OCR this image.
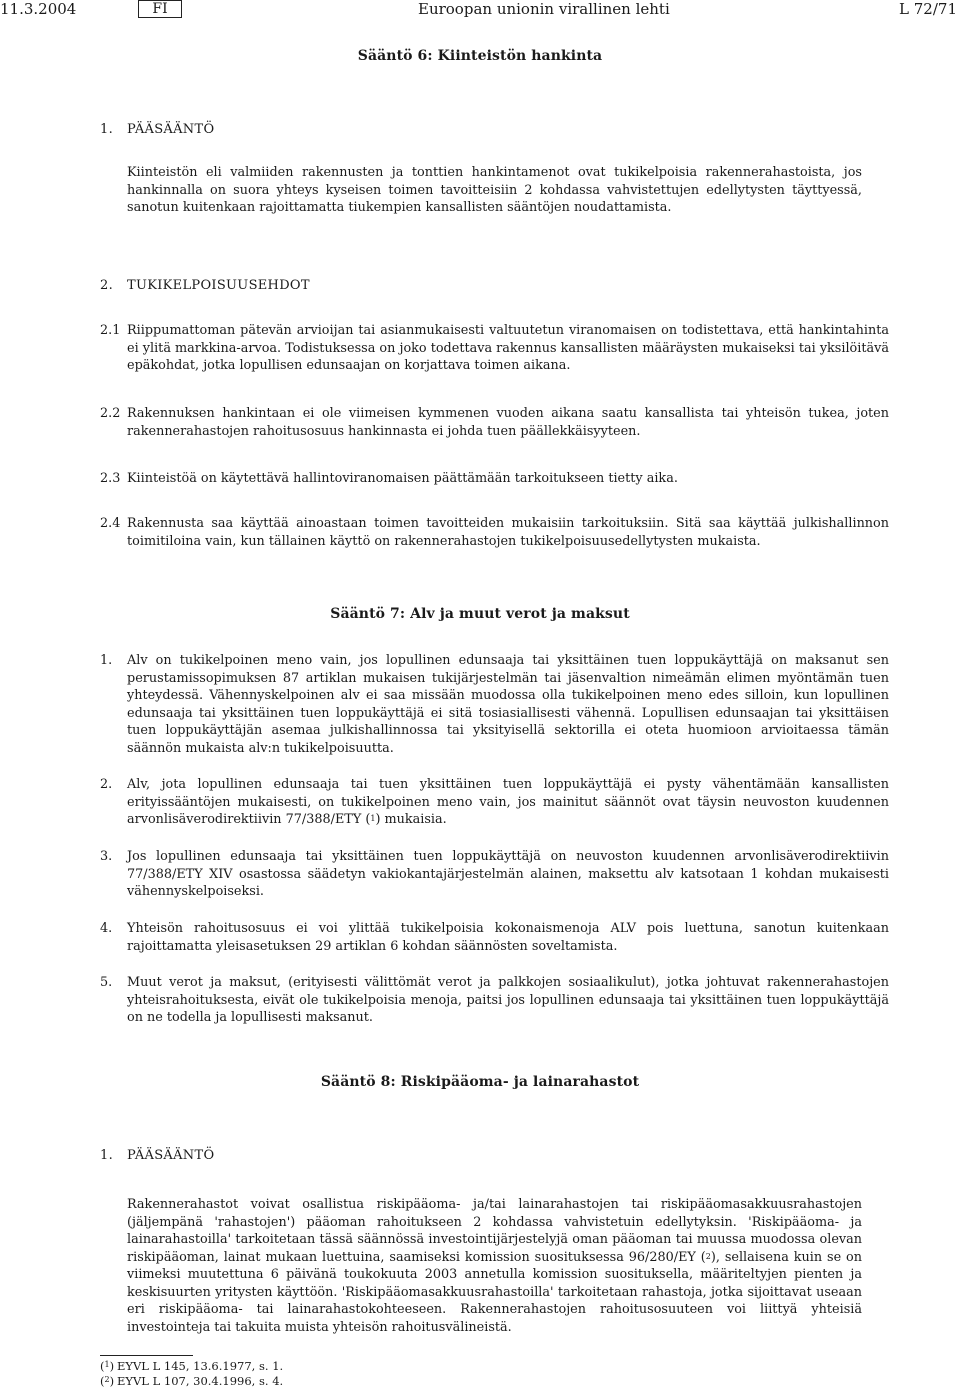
11.3.2004	FI	Euroopan unionin virallinen lehti	L 72/71
Sääntö 6: Kiinteistön hankinta
1. PÄÄSÄÄNTÖ
Kiinteistön eli valmiiden rakennusten ja tonttien hankintamenot ovat tukikelpoisia rakennerahastoista, jos hankinnalla on suora yhteys kyseisen toimen tavoitteisiin 2 kohdassa vahvistettujen edellytysten täyttyessä, sanotun kuitenkaan rajoittamatta tiukempien kansallisten sääntöjen noudattamista.
2. TUKIKELPOISUUSEHDOT
2.1 Riippumattoman pätevän arvioijan tai asianmukaisesti valtuutetun viranomaisen on todistettava, että hankintahinta ei ylitä markkina-arvoa. Todistuksessa on joko todettava rakennus kansallisten määräysten mukaiseksi tai yksilöitävä epäkohdat, jotka lopullisen edunsaajan on korjattava toimen aikana.
2.2 Rakennuksen hankintaan ei ole viimeisen kymmenen vuoden aikana saatu kansallista tai yhteisön tukea, joten rakennerahastojen rahoitusosuus hankinnasta ei johda tuen päällekkäisyyteen.
2.3 Kiinteistöä on käytettävä hallintoviranomaisen päättämään tarkoitukseen tietty aika.
2.4 Rakennusta saa käyttää ainoastaan toimen tavoitteiden mukaisiin tarkoituksiin. Sitä saa käyttää julkishallinnon toimitiloina vain, kun tällainen käyttö on rakennerahastojen tukikelpoisuusedellytysten mukaista.
Sääntö 7: Alv ja muut verot ja maksut
1. Alv on tukikelpoinen meno vain, jos lopullinen edunsaaja tai yksittäinen tuen loppukäyttäjä on maksanut sen perustamissopimuksen 87 artiklan mukaisen tukijärjestelmän tai jäsenvaltion nimeämän elimen myöntämän tuen yhteydessä. Vähennyskelpoinen alv ei saa missään muodossa olla tukikelpoinen meno edes silloin, kun lopullinen edunsaaja tai yksittäinen tuen loppukäyttäjä ei sitä tosiasiallisesti vähennä. Lopullisen edunsaajan tai yksittäisen tuen loppukäyttäjän asemaa julkishallinnossa tai yksityisellä sektorilla ei oteta huomioon arvioitaessa tämän säännön mukaista alv:n tukikelpoisuutta.
2. Alv, jota lopullinen edunsaaja tai tuen yksittäinen tuen loppukäyttäjä ei pysty vähentämään kansallisten erityissääntöjen mukaisesti, on tukikelpoinen meno vain, jos mainitut säännöt ovat täysin neuvoston kuudennen arvonlisäverodirektiivin 77/388/ETY ($^1$) mukaisia.
3. Jos lopullinen edunsaaja tai yksittäinen tuen loppukäyttäjä on neuvoston kuudennen arvonlisäverodirektiivin 77/388/ETY XIV osastossa säädetyn vakiokantajärjestelmän alainen, maksettu alv katsotaan 1 kohdan mukaisesti vähennyskelpoiseksi.
4. Yhteisön rahoitusosuus ei voi ylittää tukikelpoisia kokonaismenoja ALV pois luettuna, sanotun kuitenkaan rajoittamatta yleisasetuksen 29 artiklan 6 kohdan säännösten soveltamista.
5. Muut verot ja maksut, (erityisesti välittömät verot ja palkkojen sosiaalikulut), jotka johtuvat rakennerahastojen yhteisrahoituksesta, eivät ole tukikelpoisia menoja, paitsi jos lopullinen edunsaaja tai yksittäinen tuen loppukäyttäjä on ne todella ja lopullisesti maksanut.
Sääntö 8: Riskipääoma- ja lainarahastot
1. PÄÄSÄÄNTÖ
Rakennerahastot voivat osallistua riskipääoma- ja/tai lainarahastojen tai riskipääomasakkuusrahastojen (jäljempänä 'rahastojen') pääoman rahoitukseen 2 kohdassa vahvistetuin edellytyksin. 'Riskipääoma- ja lainarahastoilla' tarkoitetaan tässä säännössä investointijärjestelyjä oman pääoman tai muussa muodossa olevan riskipääoman, lainat mukaan luettuina, saamiseksi komission suosituksessa 96/280/EY ($^2$), sellaisena kuin se on viimeksi muutettuna 6 päivänä toukokuuta 2003 annetulla komission suosituksella, määriteltyjen pienten ja keskisuurten yritysten käyttöön. 'Riskipääomasakkuusrahastoilla' tarkoitetaan rahastoja, jotka sijoittavat useaan eri riskipääoma- tai lainarahastokohteeseen. Rakennerahastojen rahoitusosuuteen voi liittyä yhteisiä investointeja tai takuita muista yhteisön rahoitusvälineistä.
($^1$) EYVL L 145, 13.6.1977, s. 1.
($^2$) EYVL L 107, 30.4.1996, s. 4.
